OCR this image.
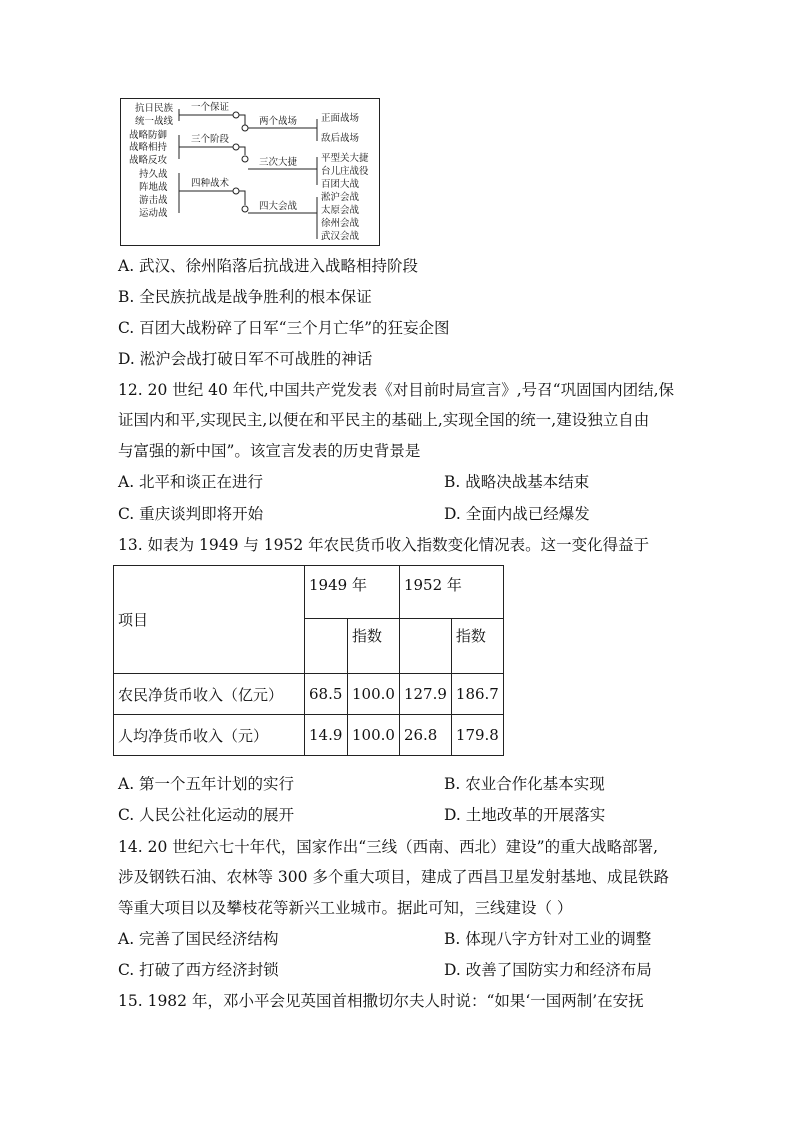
抗日民族
统一战线
战略防御
战略相持
战略反攻
持久战
阵地战
游击战
运动战
一个保证
三个阶段
四种战术
两个战场
三次大捷
四大会战
正面战场
敌后战场
平型关大捷
台儿庄战役
百团大战
淞沪会战
太原会战
徐州会战
武汉会战
A. 武汉、徐州陷落后抗战进入战略相持阶段
B. 全民族抗战是战争胜利的根本保证
C. 百团大战粉碎了日军“三个月亡华”的狂妄企图
D. 淞沪会战打破日军不可战胜的神话
12. 20 世纪 40 年代,中国共产党发表《对目前时局宣言》,号召“巩固国内团结,保
证国内和平,实现民主,以便在和平民主的基础上,实现全国的统一,建设独立自由
与富强的新中国”。该宣言发表的历史背景是
A. 北平和谈正在进行	B. 战略决战基本结束
C. 重庆谈判即将开始	D. 全面内战已经爆发
13. 如表为 1949 与 1952 年农民货币收入指数变化情况表。这一变化得益于
项目	1949 年		1952 年	
		指数		指数
农民净货币收入（亿元）	68.5	100.0	127.9	186.7
人均净货币收入（元）	14.9	100.0	26.8	179.8
A. 第一个五年计划的实行	B. 农业合作化基本实现
C. 人民公社化运动的展开	D. 土地改革的开展落实
14. 20 世纪六七十年代，国家作出“三线（西南、西北）建设”的重大战略部署,
涉及钢铁石油、农林等 300 多个重大项目，建成了西昌卫星发射基地、成昆铁路
等重大项目以及攀枝花等新兴工业城市。据此可知，三线建设（ ）
A. 完善了国民经济结构	B. 体现八字方针对工业的调整
C. 打破了西方经济封锁	D. 改善了国防实力和经济布局
15. 1982 年，邓小平会见英国首相撒切尔夫人时说：“如果‘一国两制’在安抚
